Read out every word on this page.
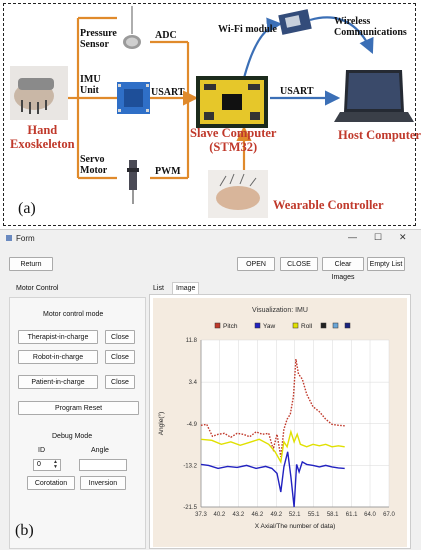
Hand
Exoskeleton
Pressure
Sensor
IMU
Unit
Servo
Motor
ADC
USART
PWM
Wi-Fi module
Wireless
Communications
USART
Slave Computer
(STM32)
Host Computer
Wearable Controller
(a)
Form	— ☐ ✕
Return	OPEN	CLOSE	Clear Images
Empty List
Motor Control
Motor control mode
Therapist-in-charge	Close
Robot-in-charge	Close
Patient-in-charge	Close
Program Reset
Debug Mode
ID	Angle
0	▲
▼
Corotation	Inversion
(b)
List	Image
Visualization: IMU
Pitch	Yaw	Roll
37.3 40.2 43.2 46.2 49.2 52.1 55.1 58.1 61.1 64.0 67.0
11.8
3.4
-4.9
-13.2
-21.5
X Axial/The number of data)
Angle(°)
